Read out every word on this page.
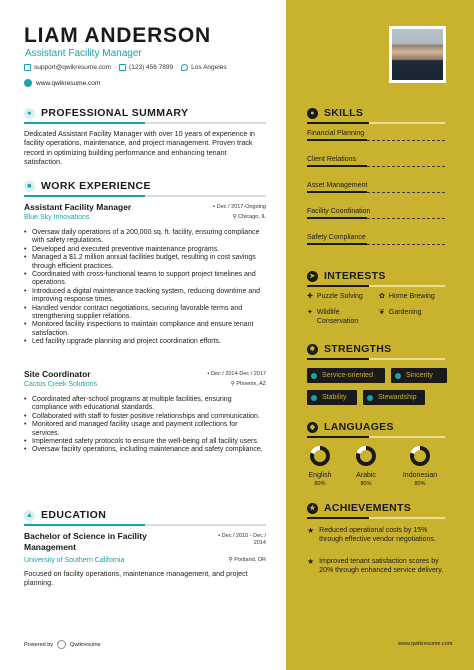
LIAM ANDERSON
Assistant Facility Manager
support@qwikresume.com	(123) 456 7899	Los Angeles
www.qwikresume.com
● PROFESSIONAL SUMMARY
Dedicated Assistant Facility Manager with over 10 years of experience in facility operations, maintenance, and project management. Proven track record in optimizing building performance and enhancing tenant satisfaction.
■ WORK EXPERIENCE
Assistant Facility Manager
Blue Sky Innovations
▪ Dec / 2017-Ongoing
⚲ Chicago, IL
• Oversaw daily operations of a 200,000 sq. ft. facility, ensuring compliance with safety regulations.
• Developed and executed preventive maintenance programs.
• Managed a $1.2 million annual facilities budget, resulting in cost savings through efficient practices.
• Coordinated with cross-functional teams to support project timelines and operations.
• Introduced a digital maintenance tracking system, reducing downtime and improving response times.
• Handled vendor contract negotiations, securing favorable terms and strengthening supplier relations.
• Monitored facility inspections to maintain compliance and ensure tenant satisfaction.
• Led facility upgrade planning and project coordination efforts.
Site Coordinator
Cactus Creek Solutions
▪ Dec / 2014-Dec / 2017
⚲ Phoenix, AZ
• Coordinated after-school programs at multiple facilities, ensuring compliance with educational standards.
• Collaborated with staff to foster positive relationships and communication.
• Monitored and managed facility usage and payment collections for services.
• Implemented safety protocols to ensure the well-being of all facility users.
• Oversaw facility operations, including maintenance and safety compliance.
▲ EDUCATION
Bachelor of Science in Facility Management
University of Southern California
▪ Dec / 2010 - Dec / 2014
⚲ Portland, OR
Focused on facility operations, maintenance management, and project planning.
Powered by	Qwikresume
● SKILLS
Financial Planning
Client Relations
Asset Management
Facility Coordination
Safety Compliance
➤ INTERESTS
✚ Puzzle Solving ✿ Home Brewing
✦ Wildlife Conservation
❦ Gardening
✸ STRENGTHS
Service-oriented	Sincerity
Stability	Stewardship
◆ LANGUAGES
English
80%
Arabic
80%
Indonesian
80%
★ ACHIEVEMENTS
★ Reduced operational costs by 15% through effective vendor negotiations.
★ Improved tenant satisfaction scores by 20% through enhanced service delivery.
www.qwikresume.com
